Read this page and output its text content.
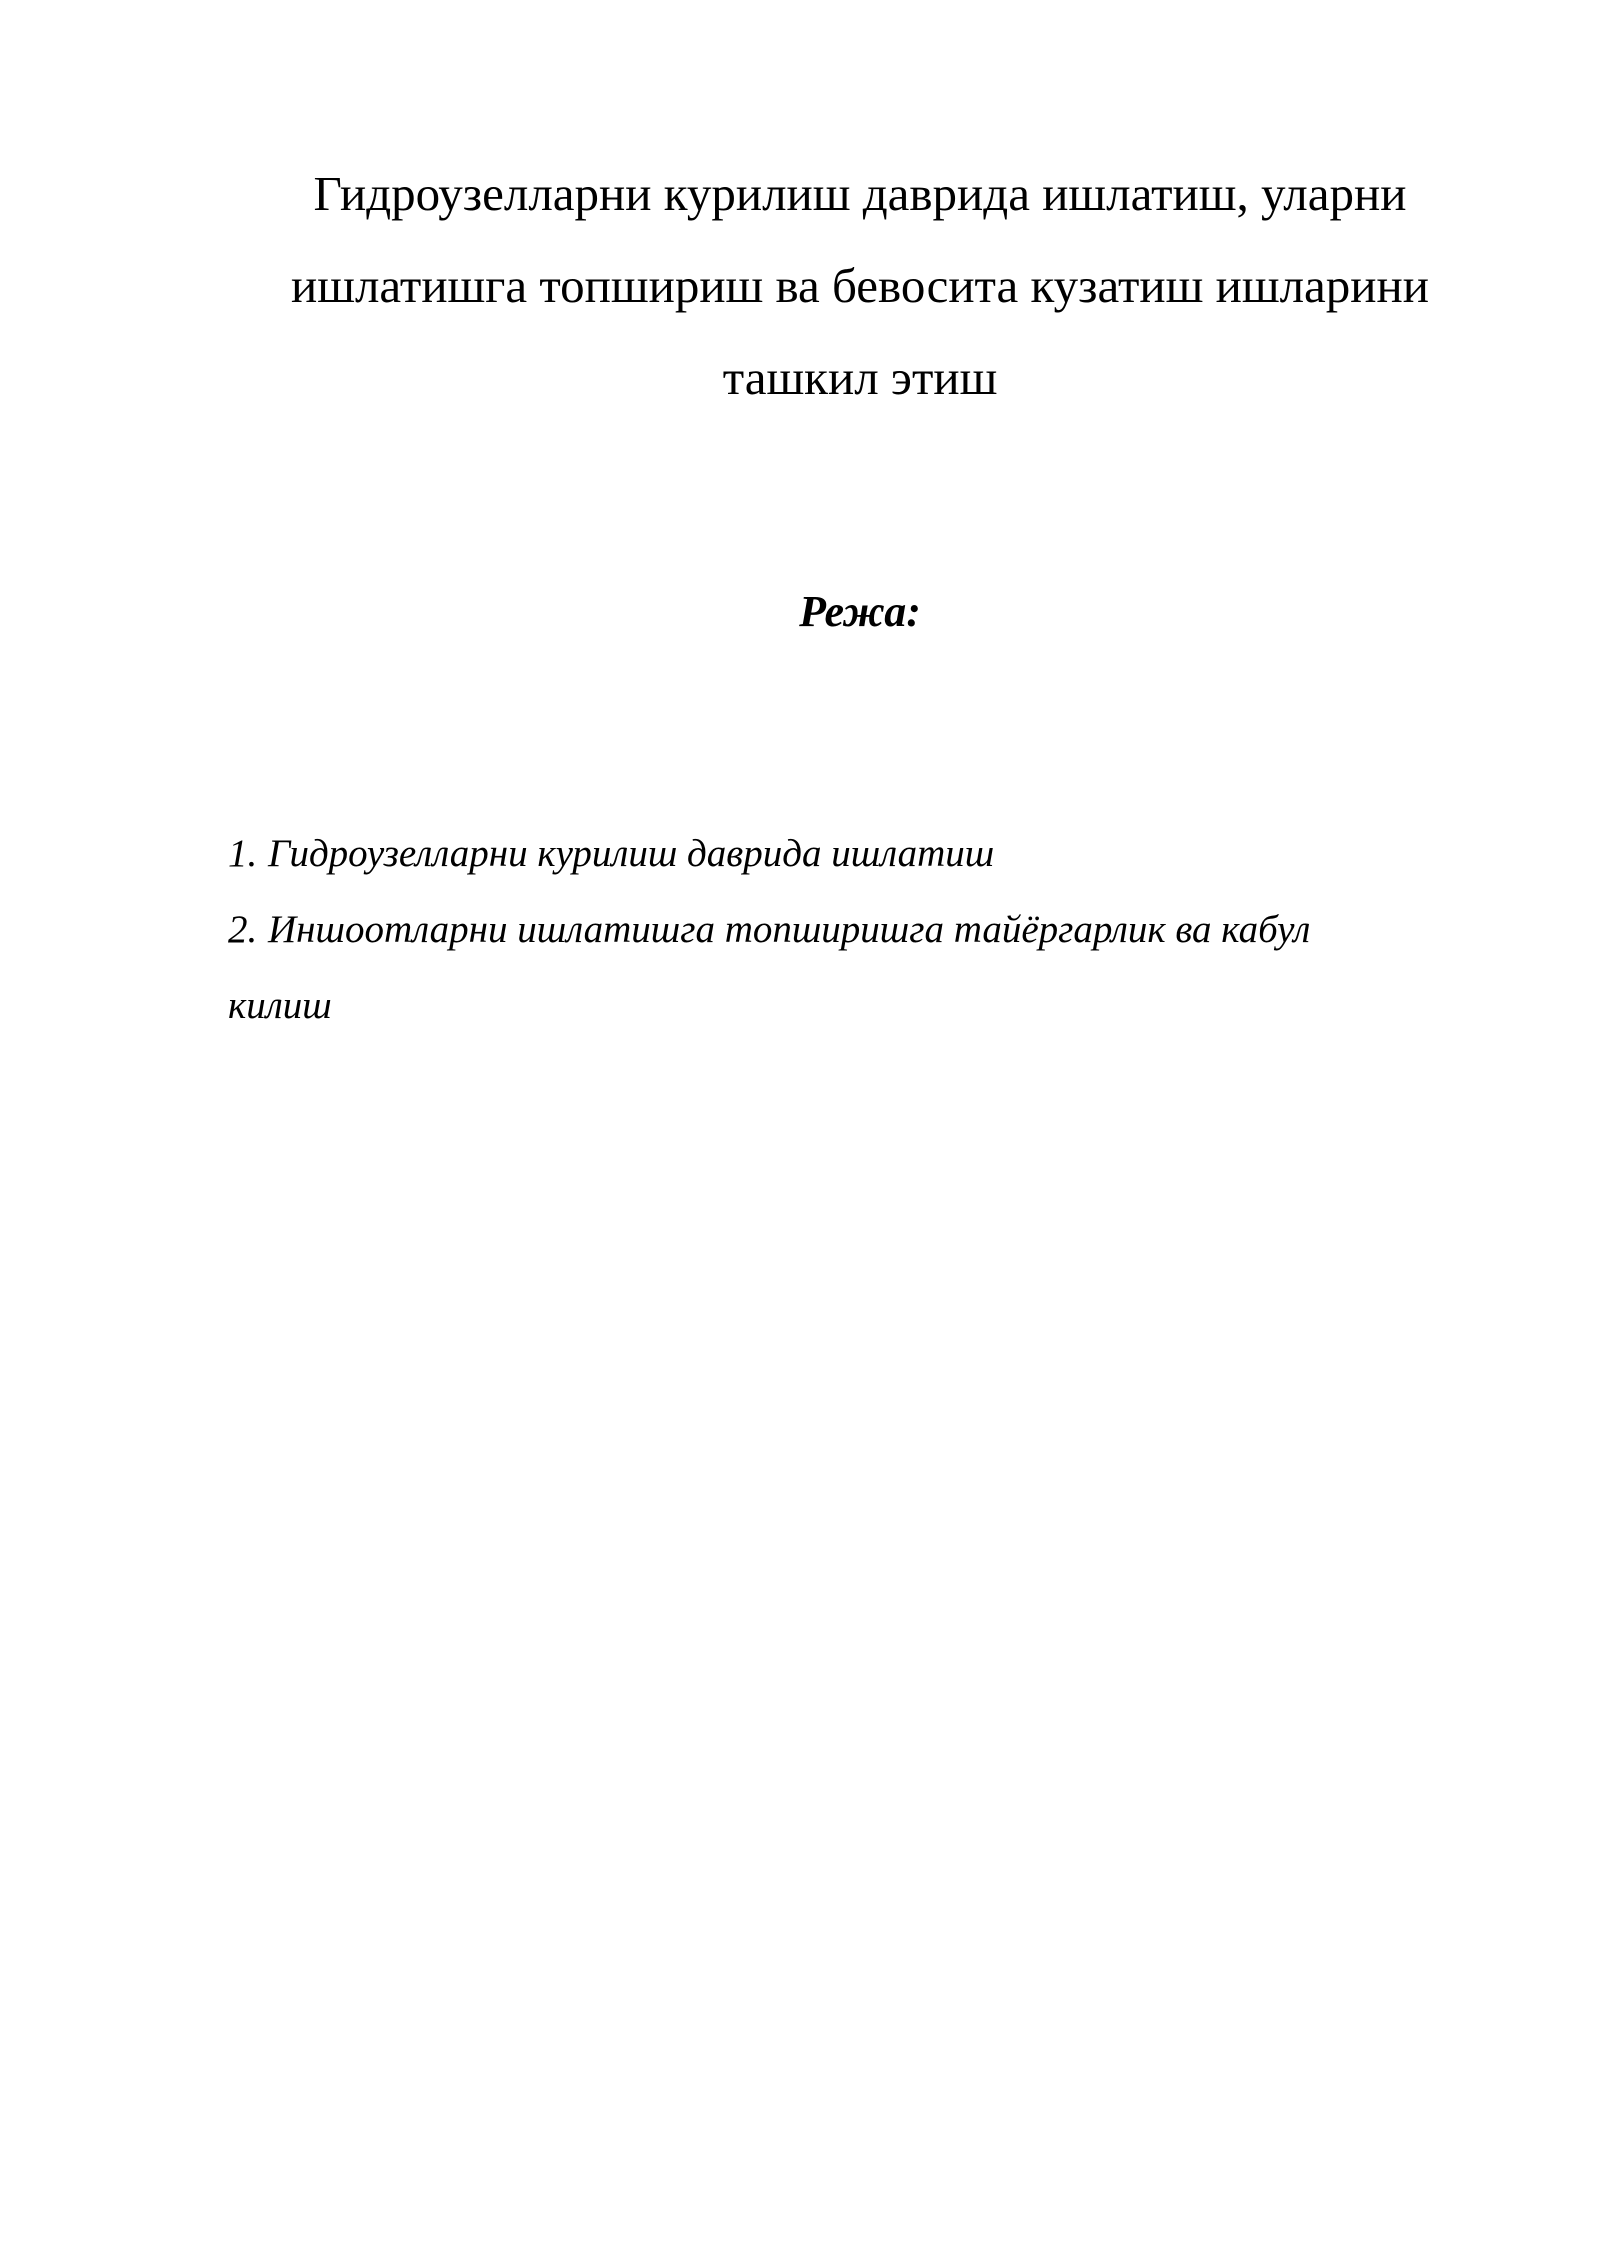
Гидроузелларни курилиш даврида ишлатиш, уларни
ишлатишга топшириш ва бевосита кузатиш ишларини
ташкил этиш
Режа:
1. Гидроузелларни курилиш даврида ишлатиш
2. Иншоотларни ишлатишга топширишга тайёргарлик ва кабул
килиш
